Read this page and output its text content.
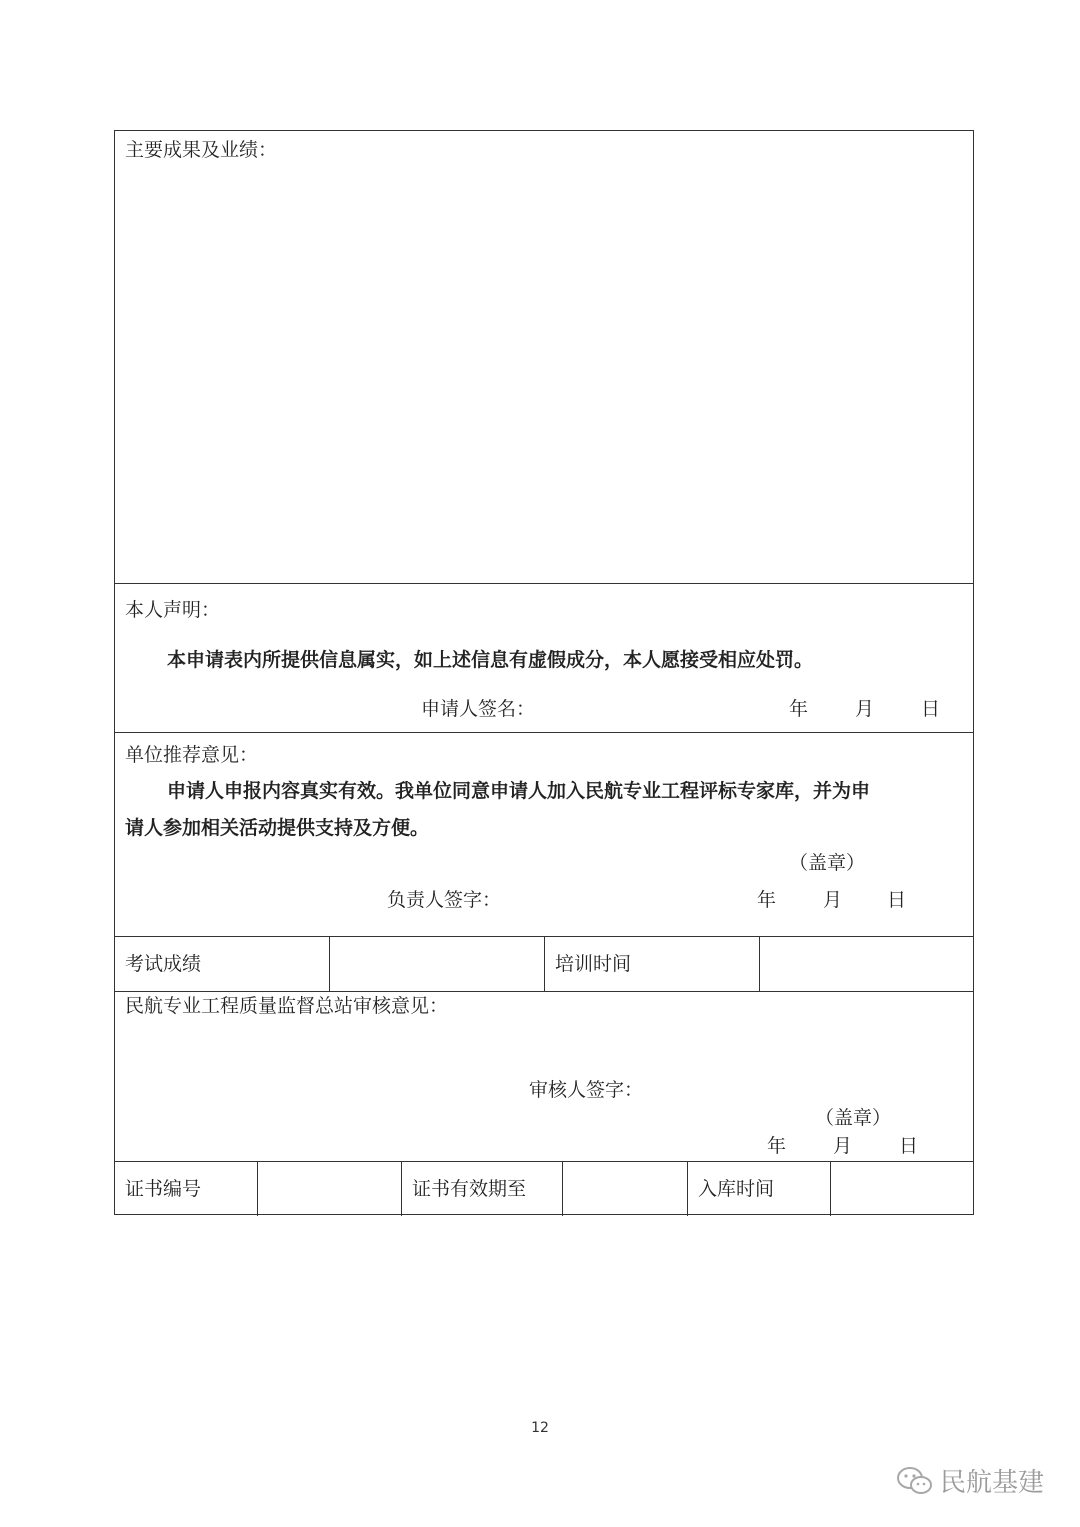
主要成果及业绩：
本人声明：
本申请表内所提供信息属实，如上述信息有虚假成分，本人愿接受相应处罚。
申请人签名：	年 月 日
单位推荐意见：
申请人申报内容真实有效。我单位同意申请人加入民航专业工程评标专家库，并为申
请人参加相关活动提供支持及方便。
（盖章）
负责人签字：	年 月 日
考试成绩	培训时间
民航专业工程质量监督总站审核意见：
审核人签字：
（盖章）
年 月 日
证书编号	证书有效期至	入库时间
12
民航基建
